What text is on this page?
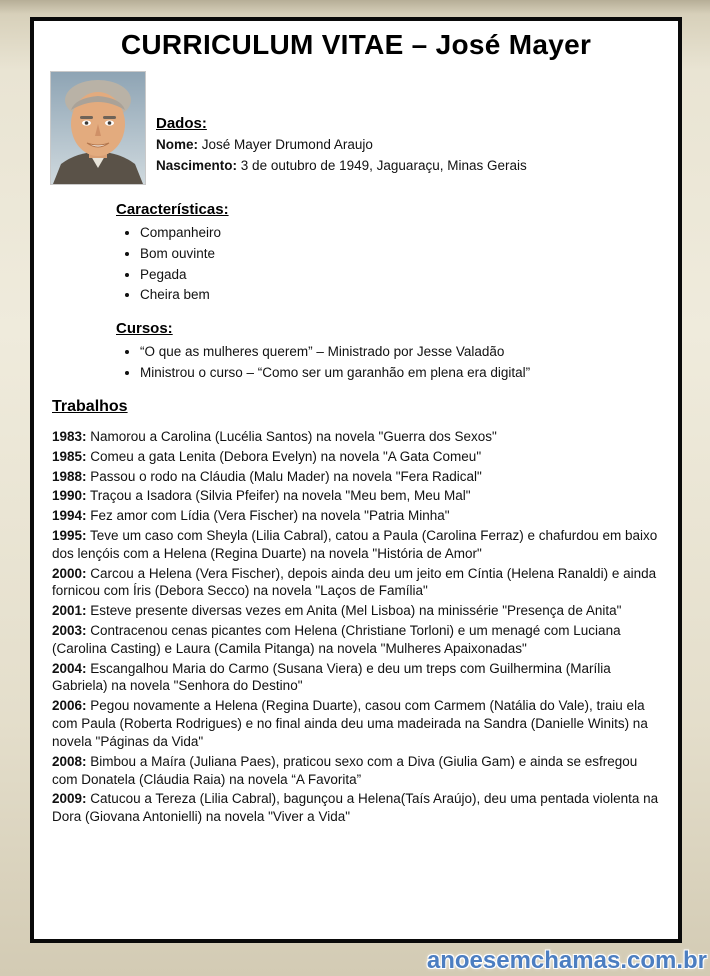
CURRICULUM VITAE – José Mayer
Dados:

Nome: José Mayer Drumond Araujo

Nascimento: 3 de outubro de 1949, Jaguaraçu, Minas Gerais

Características:
• Companheiro
• Bom ouvinte
• Pegada
• Cheira bem
Cursos:
• “O que as mulheres querem” – Ministrado por Jesse Valadão
• Ministrou o curso – “Como ser um garanhão em plena era digital”
Trabalhos

1983: Namorou a Carolina (Lucélia Santos) na novela "Guerra dos Sexos"

1985: Comeu a gata Lenita (Debora Evelyn) na novela "A Gata Comeu"

1988: Passou o rodo na Cláudia (Malu Mader) na novela "Fera Radical"

1990: Traçou a Isadora (Silvia Pfeifer) na novela "Meu bem, Meu Mal"

1994: Fez amor com Lídia (Vera Fischer) na novela "Patria Minha"

1995: Teve um caso com Sheyla (Lilia Cabral), catou a Paula (Carolina Ferraz) e chafurdou em baixo dos lençóis com a Helena (Regina Duarte) na novela "História de Amor"

2000: Carcou a Helena (Vera Fischer), depois ainda deu um jeito em Cíntia (Helena Ranaldi) e ainda fornicou com Íris (Debora Secco) na novela "Laços de Família"

2001: Esteve presente diversas vezes em Anita (Mel Lisboa) na minissérie "Presença de Anita"

2003: Contracenou cenas picantes com Helena (Christiane Torloni) e um menagé com Luciana (Carolina Casting) e Laura (Camila Pitanga) na novela "Mulheres Apaixonadas"

2004: Escangalhou Maria do Carmo (Susana Viera) e deu um treps com Guilhermina (Marília Gabriela) na novela "Senhora do Destino"

2006: Pegou novamente a Helena (Regina Duarte), casou com Carmem (Natália do Vale), traiu ela com Paula (Roberta Rodrigues) e no final ainda deu uma madeirada na Sandra (Danielle Winits) na novela "Páginas da Vida"

2008: Bimbou a Maíra (Juliana Paes), praticou sexo com a Diva (Giulia Gam) e ainda se esfregou com Donatela (Cláudia Raia) na novela “A Favorita”

2009: Catucou a Tereza (Lilia Cabral), bagunçou a Helena(Taís Araújo), deu uma pentada violenta na Dora (Giovana Antonielli) na novela "Viver a Vida"

anoesemchamas.com.br
